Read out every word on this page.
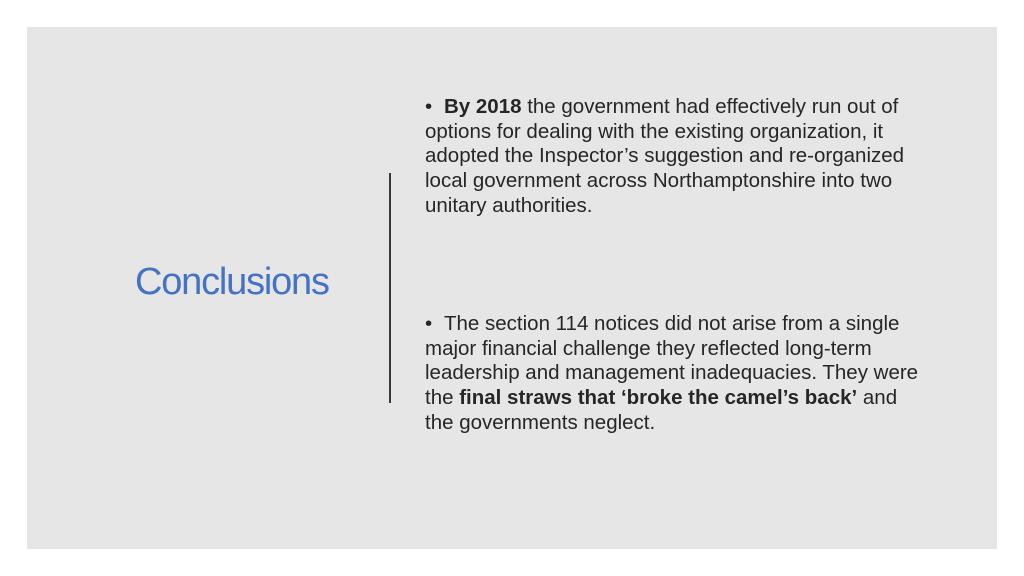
Conclusions

• By 2018 the government had effectively run out of options for dealing with the existing organization, it adopted the Inspector’s suggestion and re-organized local government across Northamptonshire into two unitary authorities.

• The section 114 notices did not arise from a single major financial challenge they reflected long-term leadership and management inadequacies. They were the final straws that ‘broke the camel’s back’ and the governments neglect.
